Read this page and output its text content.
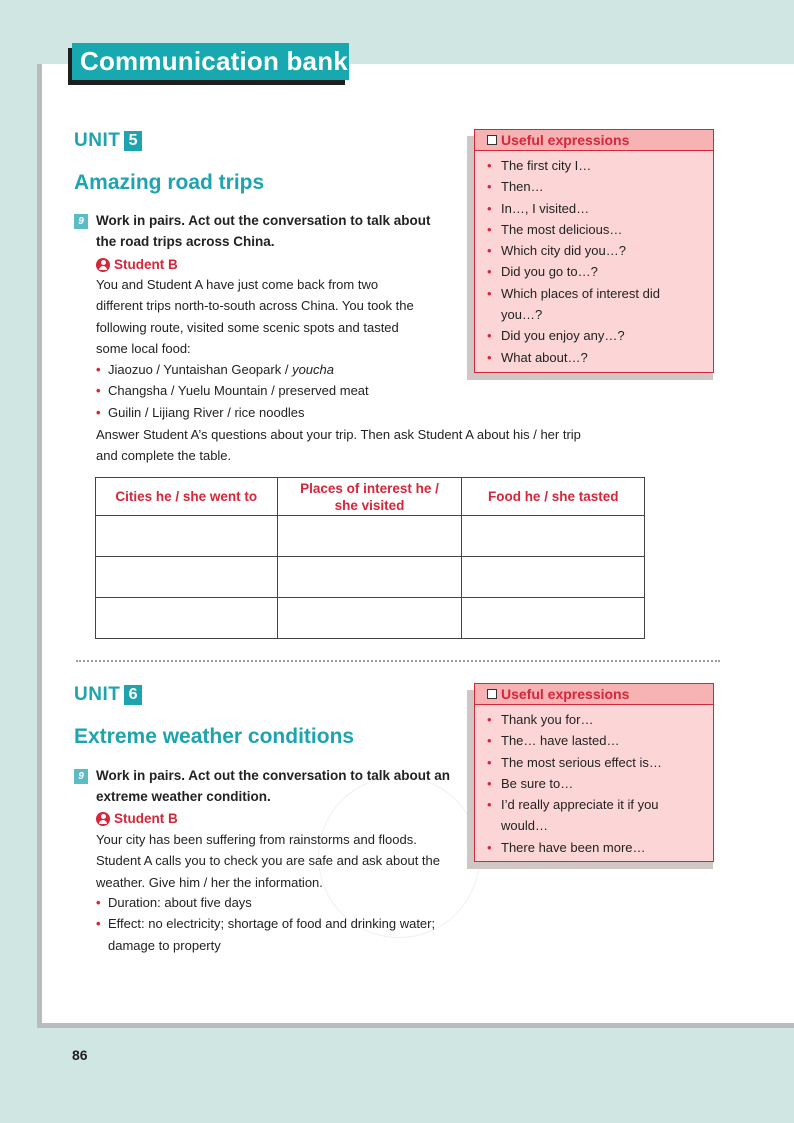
Communication bank
UNIT 5
Amazing road trips
9 Work in pairs. Act out the conversation to talk about
the road trips across China.
Student B
You and Student A have just come back from two
different trips north-to-south across China. You took the
following route, visited some scenic spots and tasted
some local food:
• Jiaozuo / Yuntaishan Geopark / youcha
• Changsha / Yuelu Mountain / preserved meat
• Guilin / Lijiang River / rice noodles
Answer Student A’s questions about your trip. Then ask Student A about his / her trip
and complete the table.
Cities he / she went to	Places of interest he / she visited	Food he / she tasted

Useful expressions
• The first city I…
• Then…
• In…, I visited…
• The most delicious…
• Which city did you…?
• Did you go to…?
• Which places of interest did you…?
• Did you enjoy any…?
• What about…?
UNIT 6
Extreme weather conditions
9 Work in pairs. Act out the conversation to talk about an
extreme weather condition.
Student B
Your city has been suffering from rainstorms and floods.
Student A calls you to check you are safe and ask about the
weather. Give him / her the information.
• Duration: about five days
• Effect: no electricity; shortage of food and drinking water; damage to property
Useful expressions
• Thank you for…
• The… have lasted…
• The most serious effect is…
• Be sure to…
• I’d really appreciate it if you would…
• There have been more…
86
